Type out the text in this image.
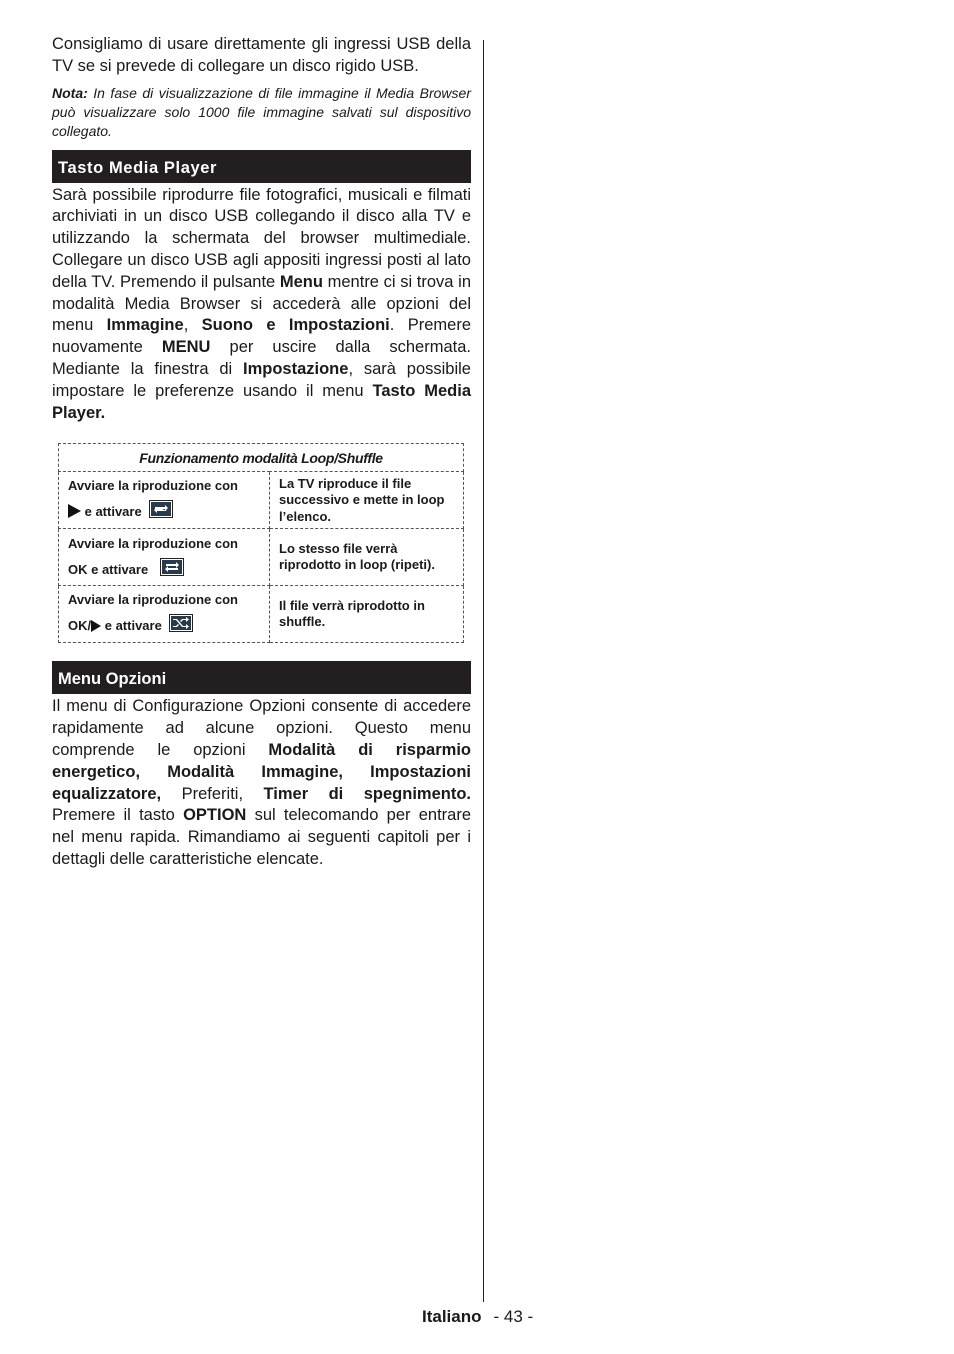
Consigliamo di usare direttamente gli ingressi USB della TV se si prevede di collegare un disco rigido USB.

Nota: In fase di visualizzazione di file immagine il Media Browser può visualizzare solo 1000 file immagine salvati sul dispositivo collegato.

Tasto Media Player

Sarà possibile riprodurre file fotografici, musicali e filmati archiviati in un disco USB collegando il disco alla TV e utilizzando la schermata del browser multimediale. Collegare un disco USB agli appositi ingressi posti al lato della TV. Premendo il pulsante Menu mentre ci si trova in modalità Media Browser si accederà alle opzioni del menu Immagine, Suono e Impostazioni. Premere nuovamente MENU per uscire dalla schermata. Mediante la finestra di Impostazione, sarà possibile impostare le preferenze usando il menu Tasto Media Player.

Funzionamento modalità Loop/Shuffle	

Avviare la riproduzione con
e attivare	La TV riproduce il file successivo e mette in loop l’elenco.

Avviare la riproduzione con
OK e attivare	Lo stesso file verrà riprodotto in loop (ripeti).

Avviare la riproduzione con
OK/ e attivare	Il file verrà riprodotto in shuffle.
Menu Opzioni

Il menu di Configurazione Opzioni consente di accedere rapidamente ad alcune opzioni. Questo menu comprende le opzioni Modalità di risparmio energetico, Modalità Immagine, Impostazioni equalizzatore, Preferiti, Timer di spegnimento. Premere il tasto OPTION sul telecomando per entrare nel menu rapida. Rimandiamo ai seguenti capitoli per i dettagli delle caratteristiche elencate.

Italiano - 43 -
